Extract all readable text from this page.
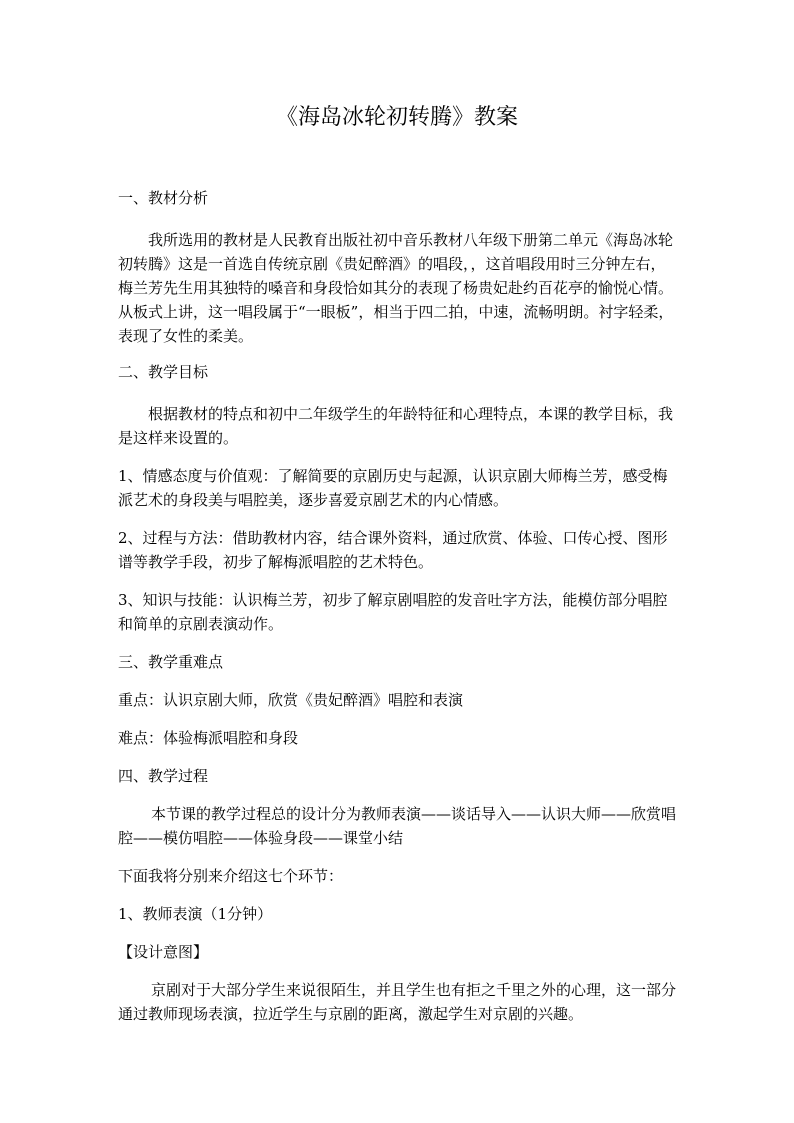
《海岛冰轮初转腾》教案

一、教材分析

我所选用的教材是人民教育出版社初中音乐教材八年级下册第二单元《海岛冰轮初转腾》这是一首选自传统京剧《贵妃醉酒》的唱段，，这首唱段用时三分钟左右，梅兰芳先生用其独特的嗓音和身段恰如其分的表现了杨贵妃赴约百花亭的愉悦心情。从板式上讲，这一唱段属于“一眼板”，相当于四二拍，中速，流畅明朗。衬字轻柔，表现了女性的柔美。

二、教学目标

根据教材的特点和初中二年级学生的年龄特征和心理特点，本课的教学目标，我是这样来设置的。

1、情感态度与价值观：了解简要的京剧历史与起源，认识京剧大师梅兰芳，感受梅派艺术的身段美与唱腔美，逐步喜爱京剧艺术的内心情感。

2、过程与方法：借助教材内容，结合课外资料，通过欣赏、体验、口传心授、图形谱等教学手段，初步了解梅派唱腔的艺术特色。

3、知识与技能：认识梅兰芳，初步了解京剧唱腔的发音吐字方法，能模仿部分唱腔和简单的京剧表演动作。

三、教学重难点

重点：认识京剧大师，欣赏《贵妃醉酒》唱腔和表演

难点：体验梅派唱腔和身段

四、教学过程

本节课的教学过程总的设计分为教师表演——谈话导入——认识大师——欣赏唱腔——模仿唱腔——体验身段——课堂小结

下面我将分别来介绍这七个环节：

1、教师表演（1分钟）

【设计意图】

京剧对于大部分学生来说很陌生，并且学生也有拒之千里之外的心理，这一部分通过教师现场表演，拉近学生与京剧的距离，激起学生对京剧的兴趣。
